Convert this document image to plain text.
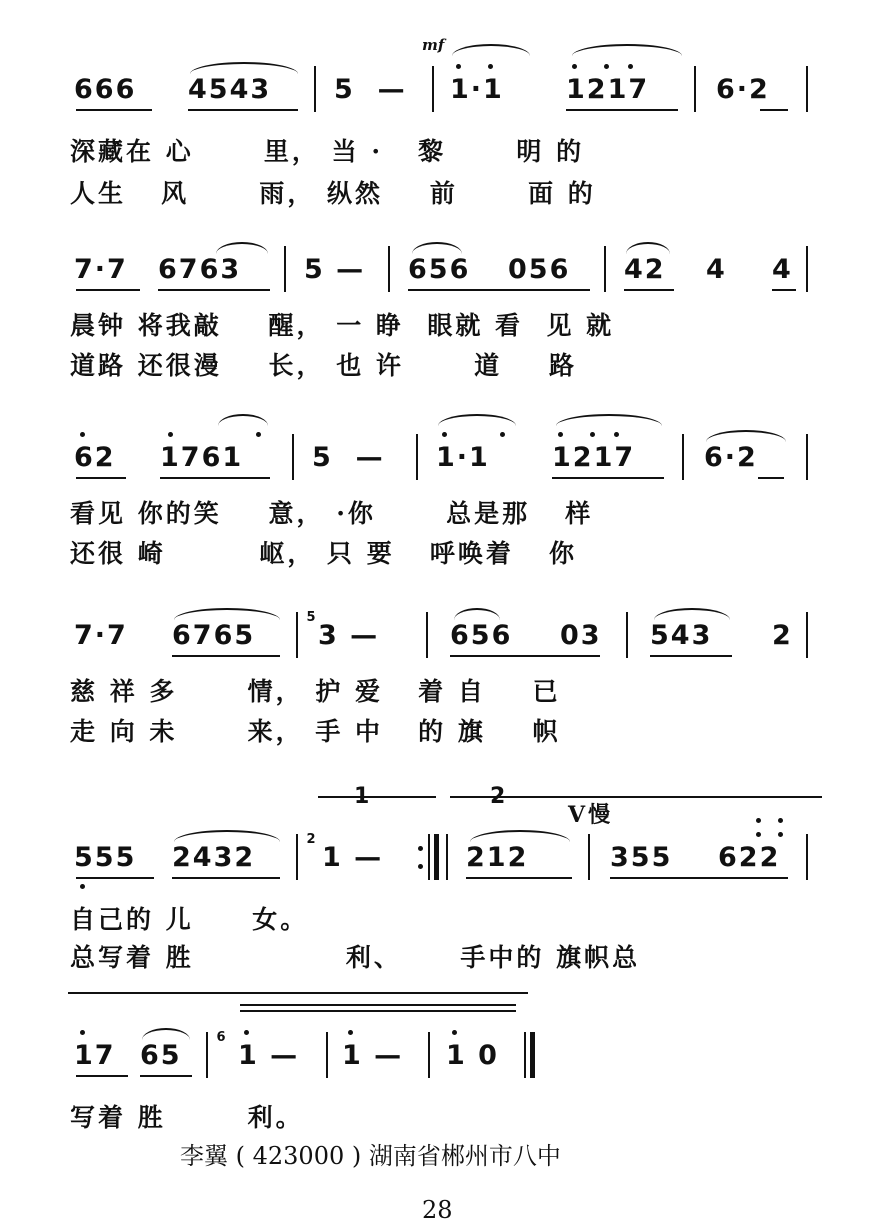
mf
666 4543 5  — 1·1 1217 6·2
深藏在 心      里， 当 ·   黎      明 的
人生   风      雨， 纵然    前      面 的
7·7 6763 5 — 656 056 42 4 4
晨钟 将我敲    醒， 一 睁  眼就 看  见 就
道路 还很漫    长， 也 许      道    路
62 1761	5  — 1·1 1217	6·2
看见 你的笑    意， ·你      总是那   样
还很 崎        岖， 只 要   呼唤着   你
7·7 6765
5
3 —	656 03 543 2
慈 祥 多      情， 护 爱   着 自    已
走 向 未      来， 手 中   的 旗    帜
1	2
V慢
555 2432
2
1 —	212	355 622
自己的 儿     女。
总写着 胜             利、     手中的 旗帜总
17 65
6
1 — 1 — 1 0
写着 胜       利。
李翼 ( 423000 ) 湖南省郴州市八中
28
